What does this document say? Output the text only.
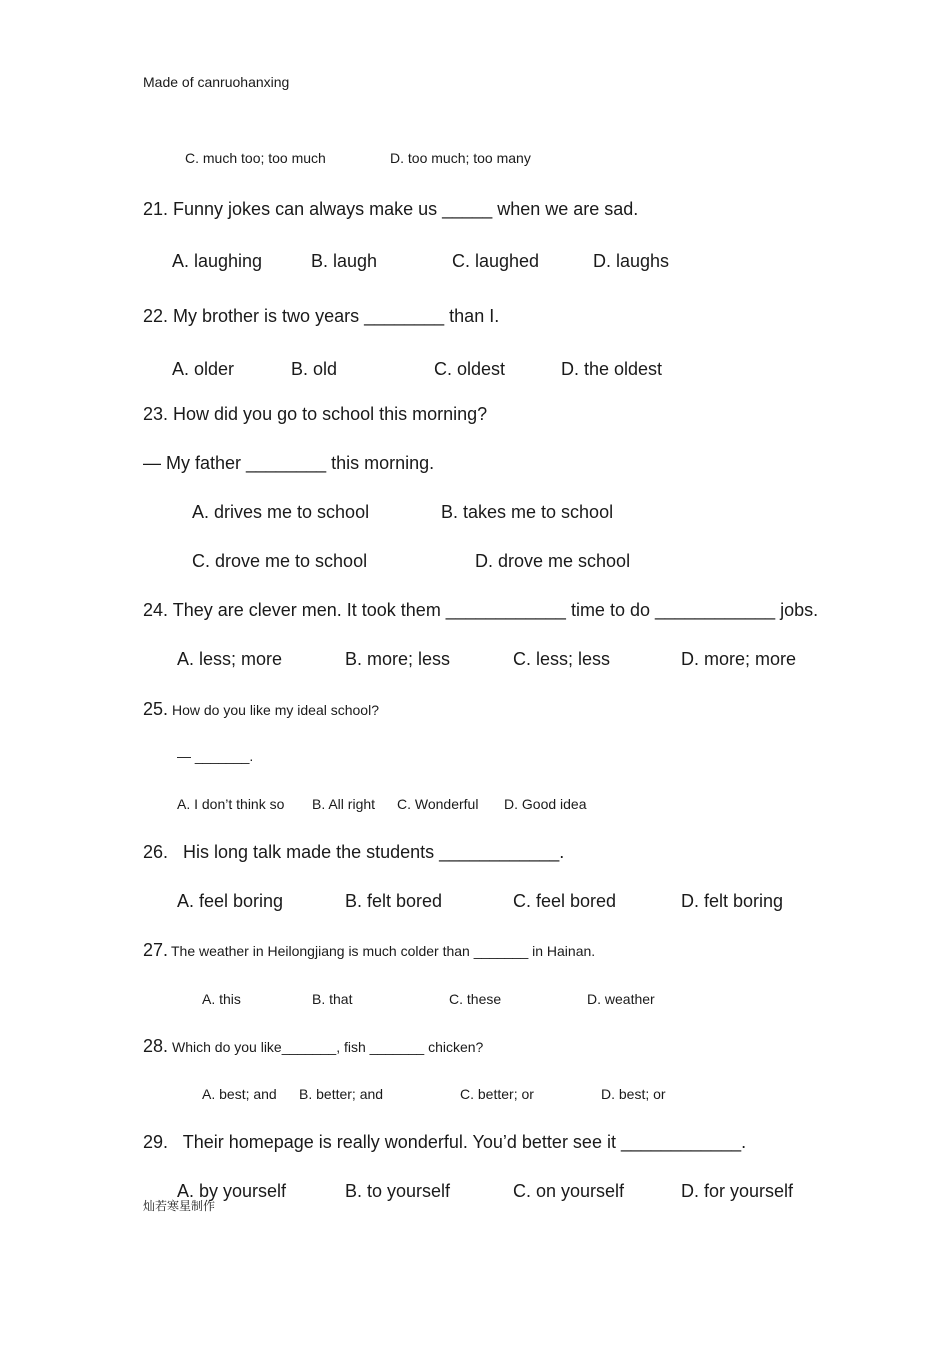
Made of canruohanxing
C. much too; too much	D. too much; too many
21. Funny jokes can always make us _____ when we are sad.
A. laughing	B. laugh	C. laughed	D. laughs
22. My brother is two years ________ than I.
A. older	B. old	C. oldest	D. the oldest
23. How did you go to school this morning?
— My father ________ this morning.
A. drives me to school	B. takes me to school
C. drove me to school	D. drove me school
24. They are clever men. It took them ____________ time to do ____________ jobs.
A. less; more	B. more; less	C. less; less	D. more; more
25. How do you like my ideal school?
— _______.
A. I don’t think so B. All right C. Wonderful D. Good idea
26.   His long talk made the students ____________.
A. feel boring	B. felt bored	C. feel bored	D. felt boring
27. The weather in Heilongjiang is much colder than _______ in Hainan.
A. this	B. that	C. these	D. weather
28. Which do you like_______, fish _______ chicken?
A. best; and B. better; and	C. better; or	D. best; or
29.   Their homepage is really wonderful. You’d better see it ____________.
A. by yourself	B. to yourself	C. on yourself	D. for yourself
灿若寒星制作
